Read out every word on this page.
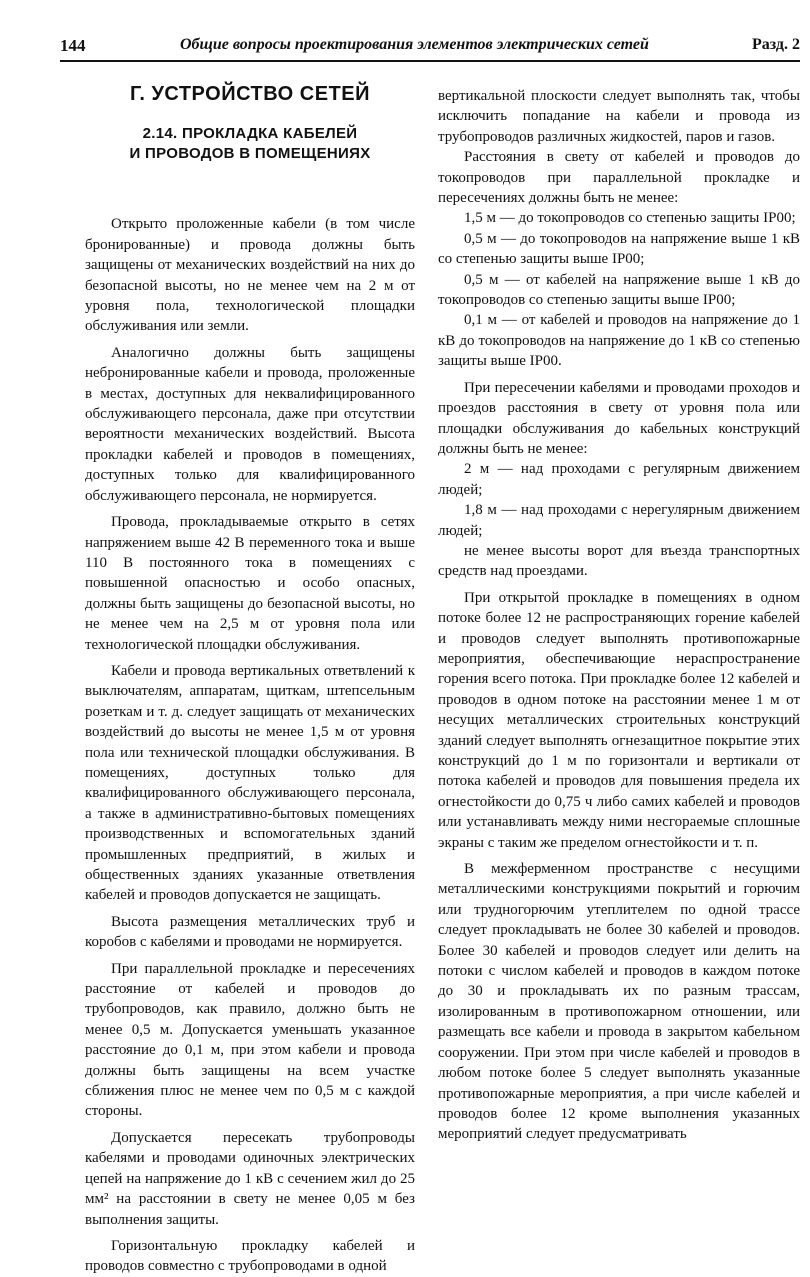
144	Общие вопросы проектирования элементов электрических сетей	Разд. 2
Г. УСТРОЙСТВО СЕТЕЙ
2.14. ПРОКЛАДКА КАБЕЛЕЙ
И ПРОВОДОВ В ПОМЕЩЕНИЯХ

Открыто проложенные кабели (в том числе бронированные) и провода должны быть защищены от механических воздействий на них до безопасной высоты, но не менее чем на 2 м от уровня пола, технологической площадки обслуживания или земли.

Аналогично должны быть защищены небронированные кабели и провода, проложенные в местах, доступных для неквалифицированного обслуживающего персонала, даже при отсутствии вероятности механических воздействий. Высота прокладки кабелей и проводов в помещениях, доступных только для квалифицированного обслуживающего персонала, не нормируется.

Провода, прокладываемые открыто в сетях напряжением выше 42 В переменного тока и выше 110 В постоянного тока в помещениях с повышенной опасностью и особо опасных, должны быть защищены до безопасной высоты, но не менее чем на 2,5 м от уровня пола или технологической площадки обслуживания.

Кабели и провода вертикальных ответвлений к выключателям, аппаратам, щиткам, штепсельным розеткам и т. д. следует защищать от механических воздействий до высоты не менее 1,5 м от уровня пола или технической площадки обслуживания. В помещениях, доступных только для квалифицированного обслуживающего персонала, а также в административно-бытовых помещениях производственных и вспомогательных зданий промышленных предприятий, в жилых и общественных зданиях указанные ответвления кабелей и проводов допускается не защищать.

Высота размещения металлических труб и коробов с кабелями и проводами не нормируется.

При параллельной прокладке и пересечениях расстояние от кабелей и проводов до трубопроводов, как правило, должно быть не менее 0,5 м. Допускается уменьшать указанное расстояние до 0,1 м, при этом кабели и провода должны быть защищены на всем участке сближения плюс не менее чем по 0,5 м с каждой стороны.

Допускается пересекать трубопроводы кабелями и проводами одиночных электрических цепей на напряжение до 1 кВ с сечением жил до 25 мм² на расстоянии в свету не менее 0,05 м без выполнения защиты.

Горизонтальную прокладку кабелей и проводов совместно с трубопроводами в одной

вертикальной плоскости следует выполнять так, чтобы исключить попадание на кабели и провода из трубопроводов различных жидкостей, паров и газов.

Расстояния в свету от кабелей и проводов до токопроводов при параллельной прокладке и пересечениях должны быть не менее:

1,5 м — до токопроводов со степенью защиты IP00;

0,5 м — до токопроводов на напряжение выше 1 кВ со степенью защиты выше IP00;

0,5 м — от кабелей на напряжение выше 1 кВ до токопроводов со степенью защиты выше IP00;

0,1 м — от кабелей и проводов на напряжение до 1 кВ до токопроводов на напряжение до 1 кВ со степенью защиты выше IP00.

При пересечении кабелями и проводами проходов и проездов расстояния в свету от уровня пола или площадки обслуживания до кабельных конструкций должны быть не менее:

2 м — над проходами с регулярным движением людей;

1,8 м — над проходами с нерегулярным движением людей;

не менее высоты ворот для въезда транспортных средств над проездами.

При открытой прокладке в помещениях в одном потоке более 12 не распространяющих горение кабелей и проводов следует выполнять противопожарные мероприятия, обеспечивающие нераспространение горения всего потока. При прокладке более 12 кабелей и проводов в одном потоке на расстоянии менее 1 м от несущих металлических строительных конструкций зданий следует выполнять огнезащитное покрытие этих конструкций до 1 м по горизонтали и вертикали от потока кабелей и проводов для повышения предела их огнестойкости до 0,75 ч либо самих кабелей и проводов или устанавливать между ними несгораемые сплошные экраны с таким же пределом огнестойкости и т. п.

В межферменном пространстве с несущими металлическими конструкциями покрытий и горючим или трудногорючим утеплителем по одной трассе следует прокладывать не более 30 кабелей и проводов. Более 30 кабелей и проводов следует или делить на потоки с числом кабелей и проводов в каждом потоке до 30 и прокладывать их по разным трассам, изолированным в противопожарном отношении, или размещать все кабели и провода в закрытом кабельном сооружении. При этом при числе кабелей и проводов в любом потоке более 5 следует выполнять указанные противопожарные мероприятия, а при числе кабелей и проводов более 12 кроме выполнения указанных мероприятий следует предусматривать
